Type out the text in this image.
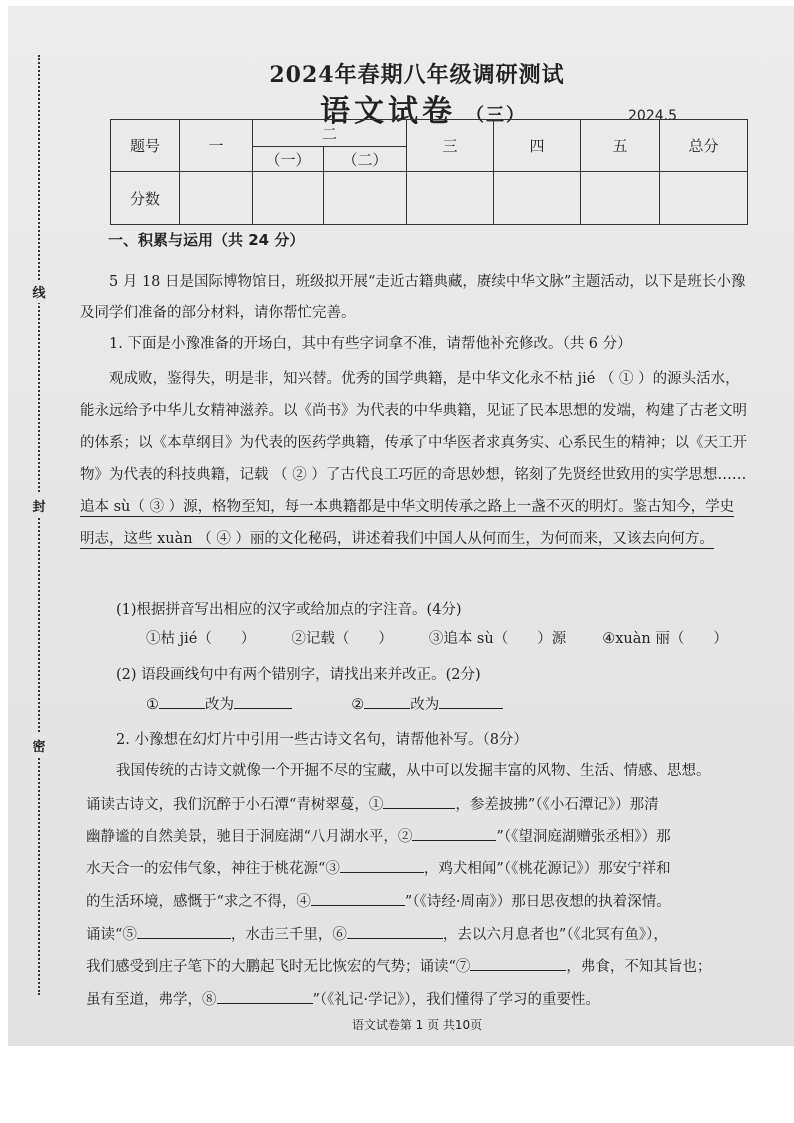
线
封
密
2024年春期八年级调研测试
语文试卷 （三）	2024.5
题号	一	二		三	四	五	总分
		（一）	（二）				
分数							
一、积累与运用（共 24 分）
5 月 18 日是国际博物馆日，班级拟开展“走近古籍典藏，赓续中华文脉”主题活动，以下是班长小豫及同学们准备的部分材料，请你帮忙完善。
1. 下面是小豫准备的开场白，其中有些字词拿不准，请帮他补充修改。（共 6 分）
观成败，鉴得失，明是非，知兴替。优秀的国学典籍，是中华文化永不枯 jié （ ① ）的源头活水，能永远给予中华儿女精神滋养。以《尚书》为代表的中华典籍，见证了民本思想的发端，构建了古老文明的体系；以《本草纲目》为代表的医药学典籍，传承了中华医者求真务实、心系民生的精神；以《天工开物》为代表的科技典籍，记载 （ ② ）了古代良工巧匠的奇思妙想，铭刻了先贤经世致用的实学思想……追本 sù（ ③ ）源，格物至知，每一本典籍都是中华文明传承之路上一盏不灭的明灯。鉴古知今，学史明志，这些 xuàn （ ④ ）丽的文化秘码，讲述着我们中国人从何而生，为何而来，又该去向何方。
(1)根据拼音写出相应的汉字或给加点的字注音。(4分)
①枯 jié（　　） ②记载（　　） ③追本 sù（　　）源 ④xuàn 丽（　　）
(2) 语段画线句中有两个错别字，请找出来并改正。(2分)
①	改为	②	改为
2. 小豫想在幻灯片中引用一些古诗文名句，请帮他补写。（8分）
我国传统的古诗文就像一个开掘不尽的宝藏，从中可以发掘丰富的风物、生活、情感、思想。
诵读古诗文，我们沉醉于小石潭“青树翠蔓，①	，参差披拂”（《小石潭记》）那清
幽静谧的自然美景，驰目于洞庭湖“八月湖水平，②	”（《望洞庭湖赠张丞相》）那
水天合一的宏伟气象，神往于桃花源“③	，鸡犬相闻”（《桃花源记》）那安宁祥和
的生活环境，感慨于“求之不得，④	”（《诗经·周南》）那日思夜想的执着深情。
诵读“⑤	，水击三千里，⑥	，去以六月息者也”（《北冥有鱼》），
我们感受到庄子笔下的大鹏起飞时无比恢宏的气势；诵读“⑦	，弗食，不知其旨也；
虽有至道，弗学，⑧	”（《礼记·学记》），我们懂得了学习的重要性。
语文试卷第 1 页 共10页
